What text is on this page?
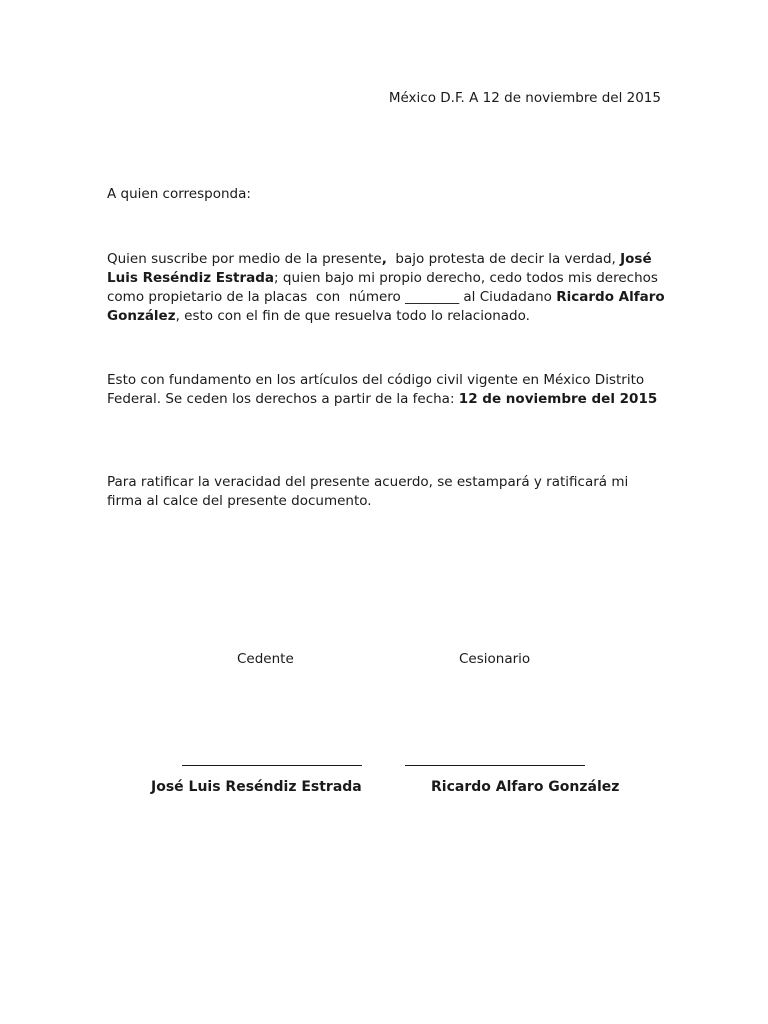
México D.F. A 12 de noviembre del 2015
A quien corresponda:

Quien suscribe por medio de la presente,  bajo protesta de decir la verdad, José Luis Reséndiz Estrada; quien bajo mi propio derecho, cedo todos mis derechos como propietario de la placas  con  número ________ al Ciudadano Ricardo Alfaro González, esto con el fin de que resuelva todo lo relacionado.

Esto con fundamento en los artículos del código civil vigente en México Distrito Federal. Se ceden los derechos a partir de la fecha: 12 de noviembre del 2015

Para ratificar la veracidad del presente acuerdo, se estampará y ratificará mi firma al calce del presente documento.
Cedente	Cesionario
José Luis Reséndiz Estrada	Ricardo Alfaro González
